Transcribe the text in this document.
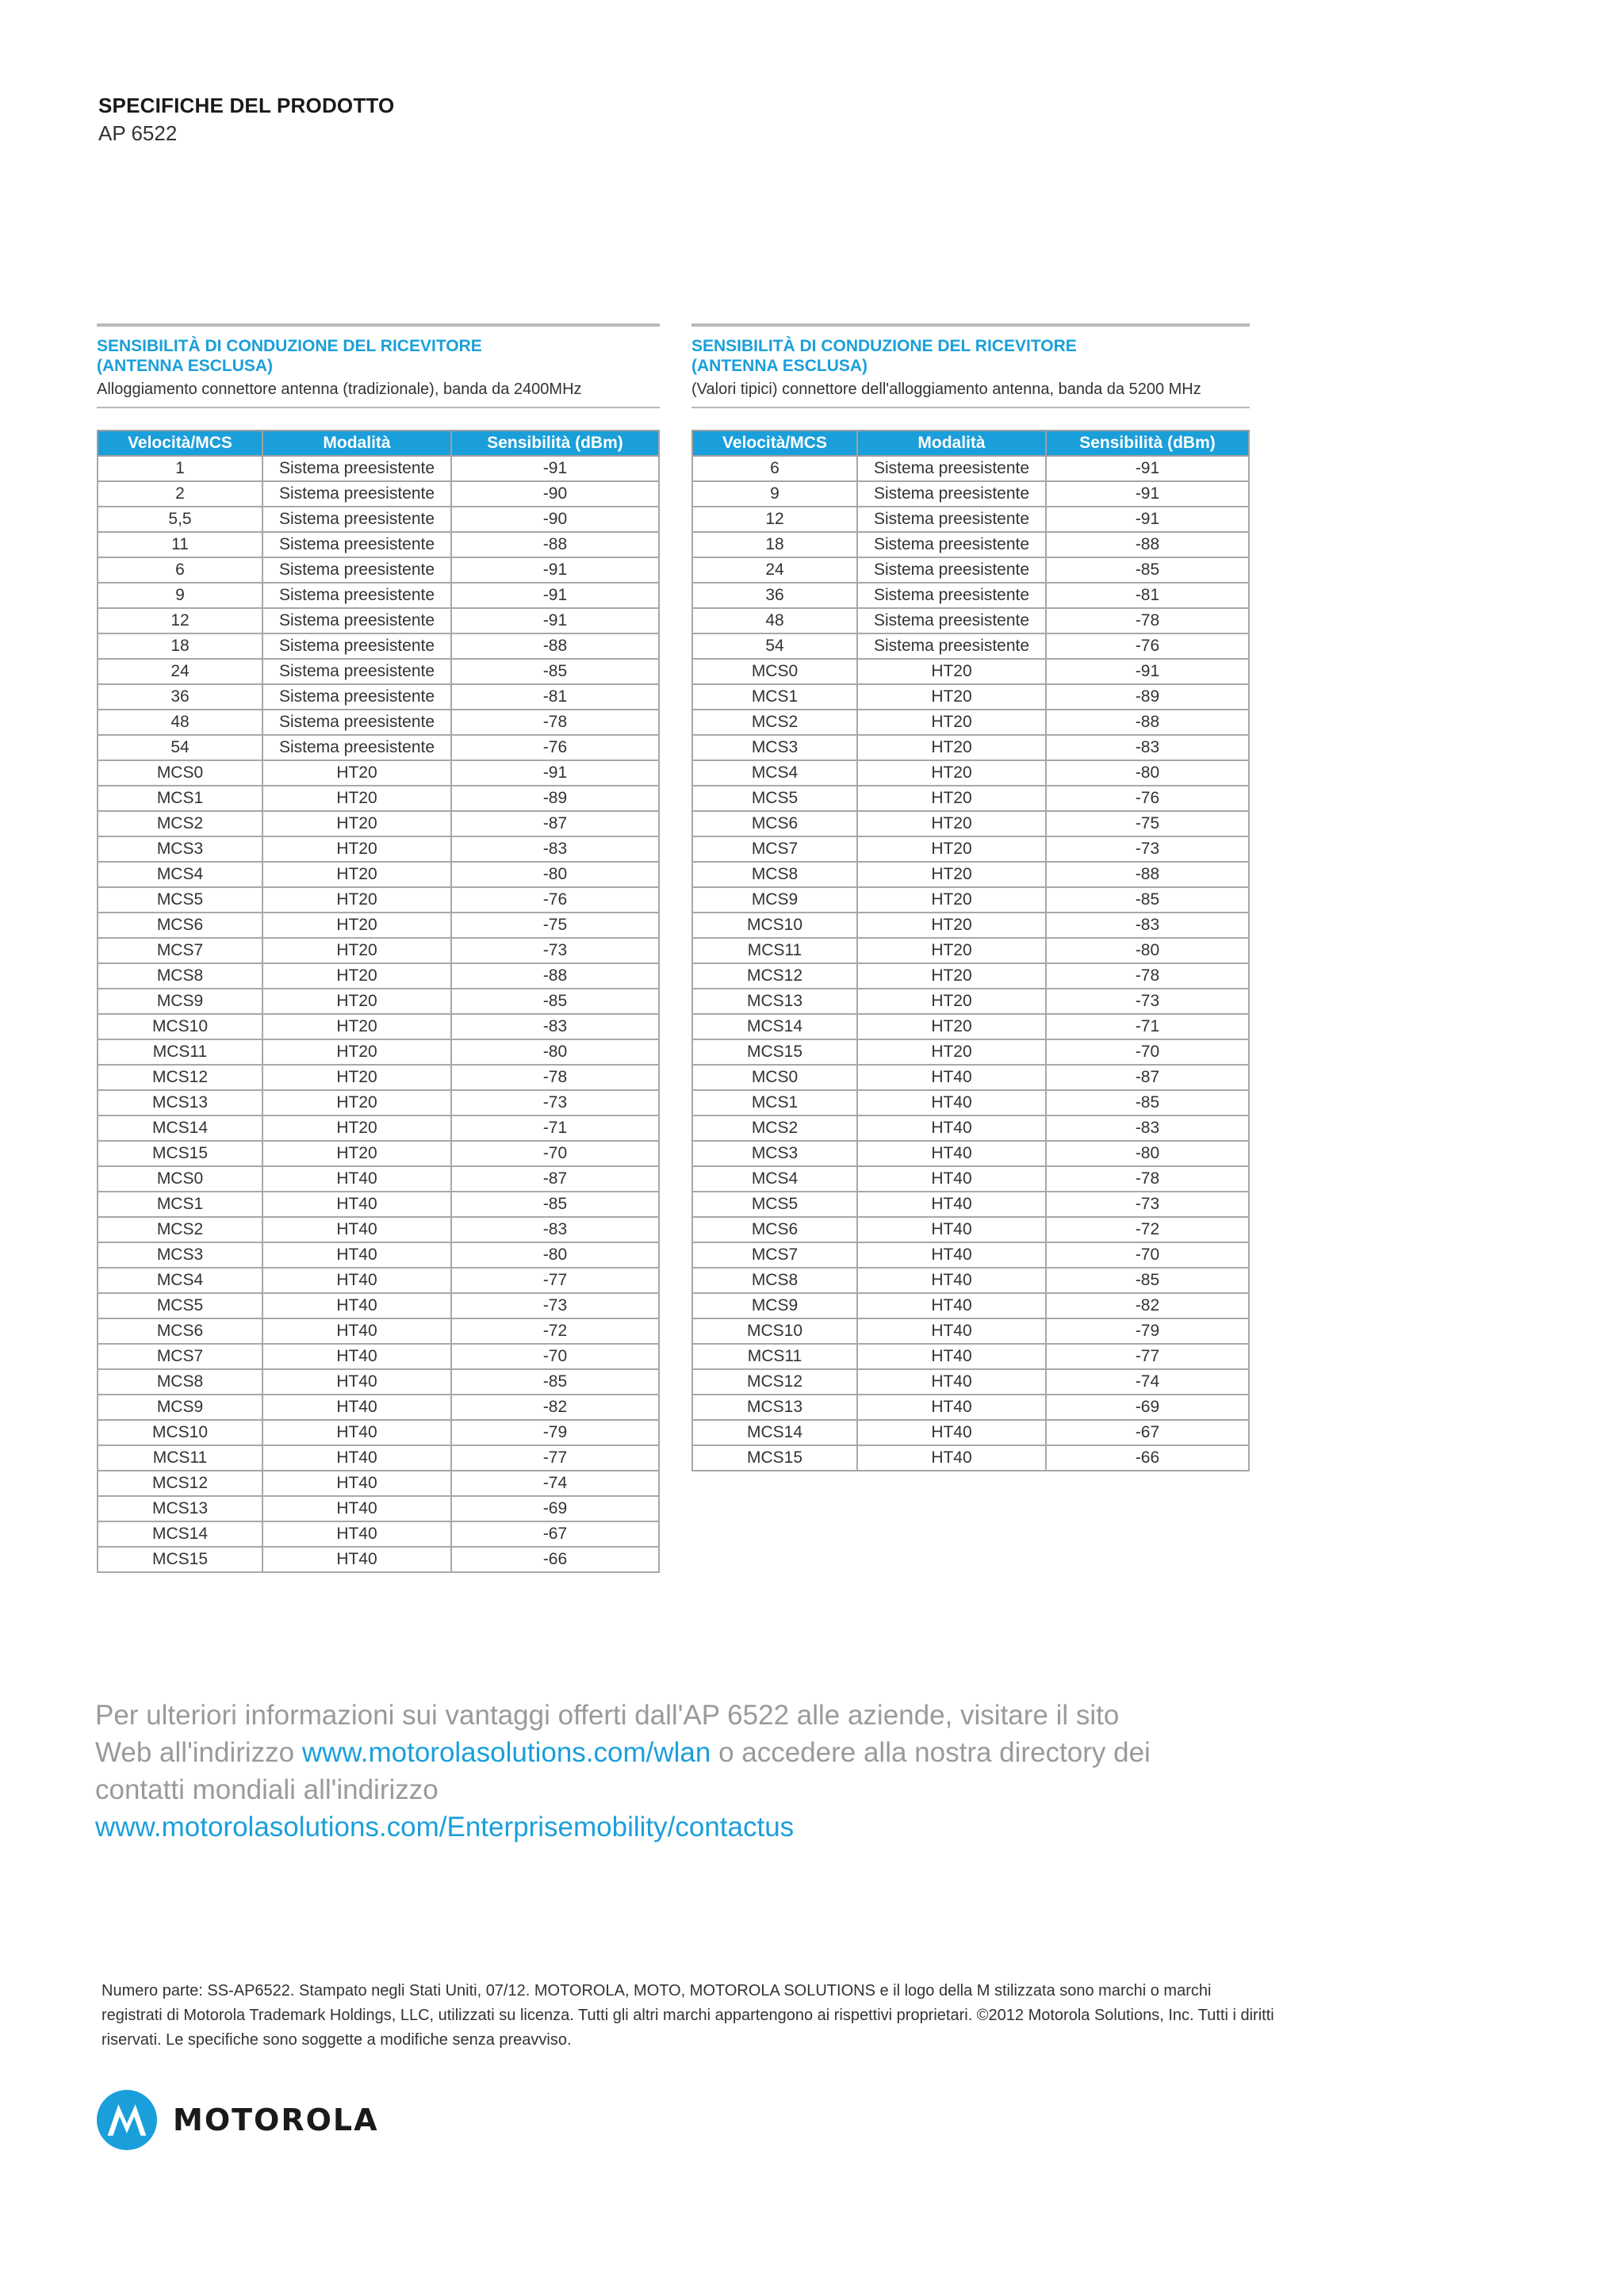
SPECIFICHE DEL PRODOTTO
AP 6522
SENSIBILITÀ DI CONDUZIONE DEL RICEVITORE
(ANTENNA ESCLUSA)
Alloggiamento connettore antenna (tradizionale), banda da 2400MHz
SENSIBILITÀ DI CONDUZIONE DEL RICEVITORE
(ANTENNA ESCLUSA)
(Valori tipici) connettore dell'alloggiamento antenna, banda da 5200 MHz
Velocità/MCS	Modalità	Sensibilità (dBm)
1	Sistema preesistente	-91
2	Sistema preesistente	-90
5,5	Sistema preesistente	-90
11	Sistema preesistente	-88
6	Sistema preesistente	-91
9	Sistema preesistente	-91
12	Sistema preesistente	-91
18	Sistema preesistente	-88
24	Sistema preesistente	-85
36	Sistema preesistente	-81
48	Sistema preesistente	-78
54	Sistema preesistente	-76
MCS0	HT20	-91
MCS1	HT20	-89
MCS2	HT20	-87
MCS3	HT20	-83
MCS4	HT20	-80
MCS5	HT20	-76
MCS6	HT20	-75
MCS7	HT20	-73
MCS8	HT20	-88
MCS9	HT20	-85
MCS10	HT20	-83
MCS11	HT20	-80
MCS12	HT20	-78
MCS13	HT20	-73
MCS14	HT20	-71
MCS15	HT20	-70
MCS0	HT40	-87
MCS1	HT40	-85
MCS2	HT40	-83
MCS3	HT40	-80
MCS4	HT40	-77
MCS5	HT40	-73
MCS6	HT40	-72
MCS7	HT40	-70
MCS8	HT40	-85
MCS9	HT40	-82
MCS10	HT40	-79
MCS11	HT40	-77
MCS12	HT40	-74
MCS13	HT40	-69
MCS14	HT40	-67
MCS15	HT40	-66
Velocità/MCS	Modalità	Sensibilità (dBm)
6	Sistema preesistente	-91
9	Sistema preesistente	-91
12	Sistema preesistente	-91
18	Sistema preesistente	-88
24	Sistema preesistente	-85
36	Sistema preesistente	-81
48	Sistema preesistente	-78
54	Sistema preesistente	-76
MCS0	HT20	-91
MCS1	HT20	-89
MCS2	HT20	-88
MCS3	HT20	-83
MCS4	HT20	-80
MCS5	HT20	-76
MCS6	HT20	-75
MCS7	HT20	-73
MCS8	HT20	-88
MCS9	HT20	-85
MCS10	HT20	-83
MCS11	HT20	-80
MCS12	HT20	-78
MCS13	HT20	-73
MCS14	HT20	-71
MCS15	HT20	-70
MCS0	HT40	-87
MCS1	HT40	-85
MCS2	HT40	-83
MCS3	HT40	-80
MCS4	HT40	-78
MCS5	HT40	-73
MCS6	HT40	-72
MCS7	HT40	-70
MCS8	HT40	-85
MCS9	HT40	-82
MCS10	HT40	-79
MCS11	HT40	-77
MCS12	HT40	-74
MCS13	HT40	-69
MCS14	HT40	-67
MCS15	HT40	-66
Per ulteriori informazioni sui vantaggi offerti dall'AP 6522 alle aziende, visitare il sito Web all'indirizzo www.motorolasolutions.com/wlan o accedere alla nostra directory dei contatti mondiali all'indirizzo
www.motorolasolutions.com/Enterprisemobility/contactus
Numero parte: SS-AP6522. Stampato negli Stati Uniti, 07/12. MOTOROLA, MOTO, MOTOROLA SOLUTIONS e il logo della M stilizzata sono marchi o marchi registrati di Motorola Trademark Holdings, LLC, utilizzati su licenza. Tutti gli altri marchi appartengono ai rispettivi proprietari. ©2012 Motorola Solutions, Inc. Tutti i diritti riservati. Le specifiche sono soggette a modifiche senza preavviso.
MOTOROLA
